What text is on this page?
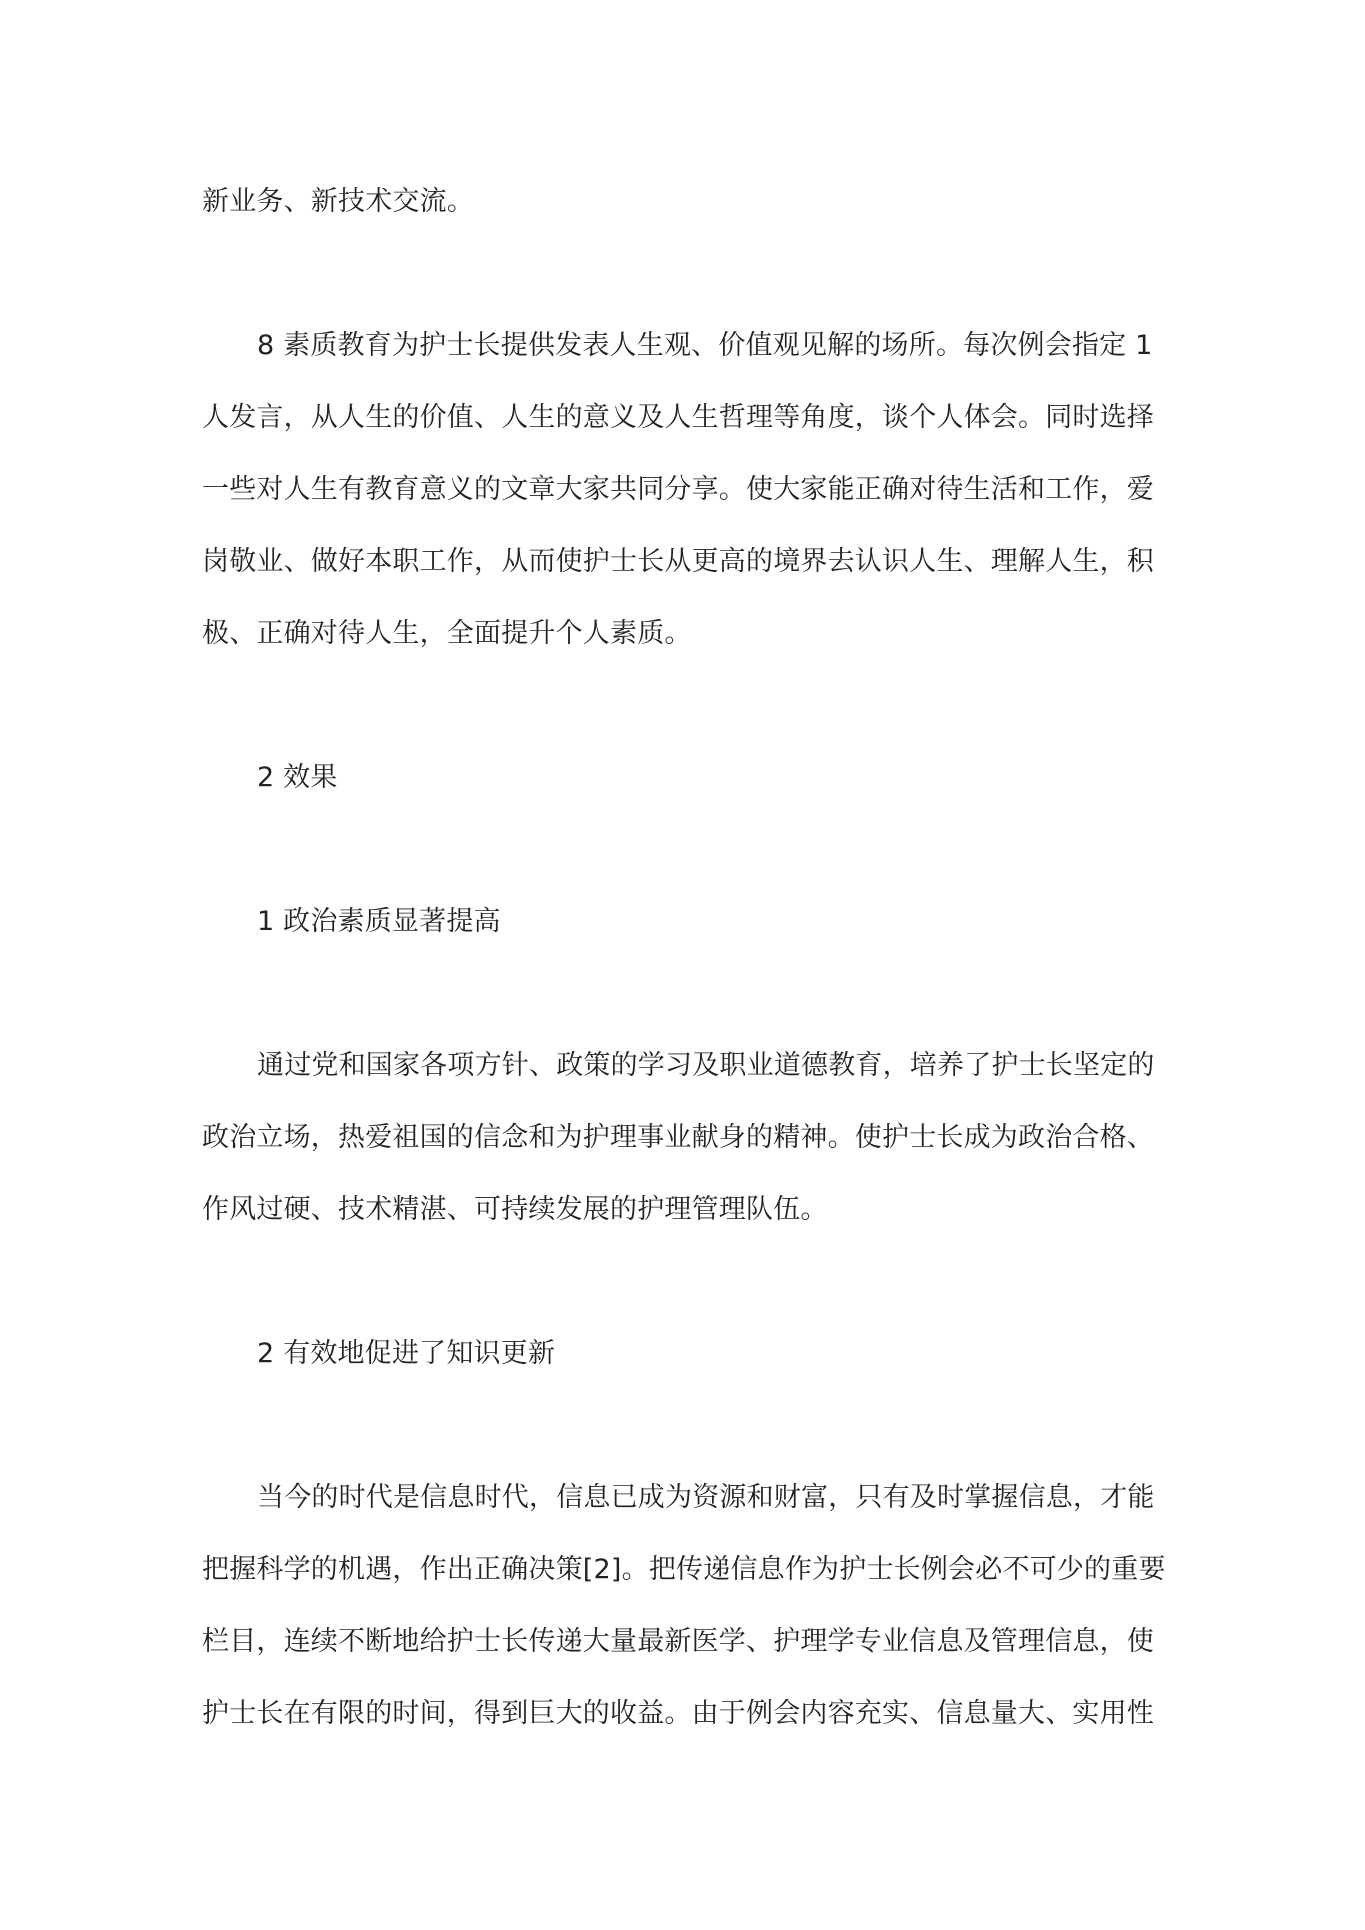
新业务、新技术交流。

8 素质教育为护士长提供发表人生观、价值观见解的场所。每次例会指定 1
人发言，从人生的价值、人生的意义及人生哲理等角度，谈个人体会。同时选择
一些对人生有教育意义的文章大家共同分享。使大家能正确对待生活和工作，爱
岗敬业、做好本职工作，从而使护士长从更高的境界去认识人生、理解人生，积
极、正确对待人生，全面提升个人素质。

2 效果

1 政治素质显著提高

通过党和国家各项方针、政策的学习及职业道德教育，培养了护士长坚定的
政治立场，热爱祖国的信念和为护理事业献身的精神。使护士长成为政治合格、
作风过硬、技术精湛、可持续发展的护理管理队伍。

2 有效地促进了知识更新

当今的时代是信息时代，信息已成为资源和财富，只有及时掌握信息，才能
把握科学的机遇，作出正确决策[2]。把传递信息作为护士长例会必不可少的重要
栏目，连续不断地给护士长传递大量最新医学、护理学专业信息及管理信息，使
护士长在有限的时间，得到巨大的收益。由于例会内容充实、信息量大、实用性
